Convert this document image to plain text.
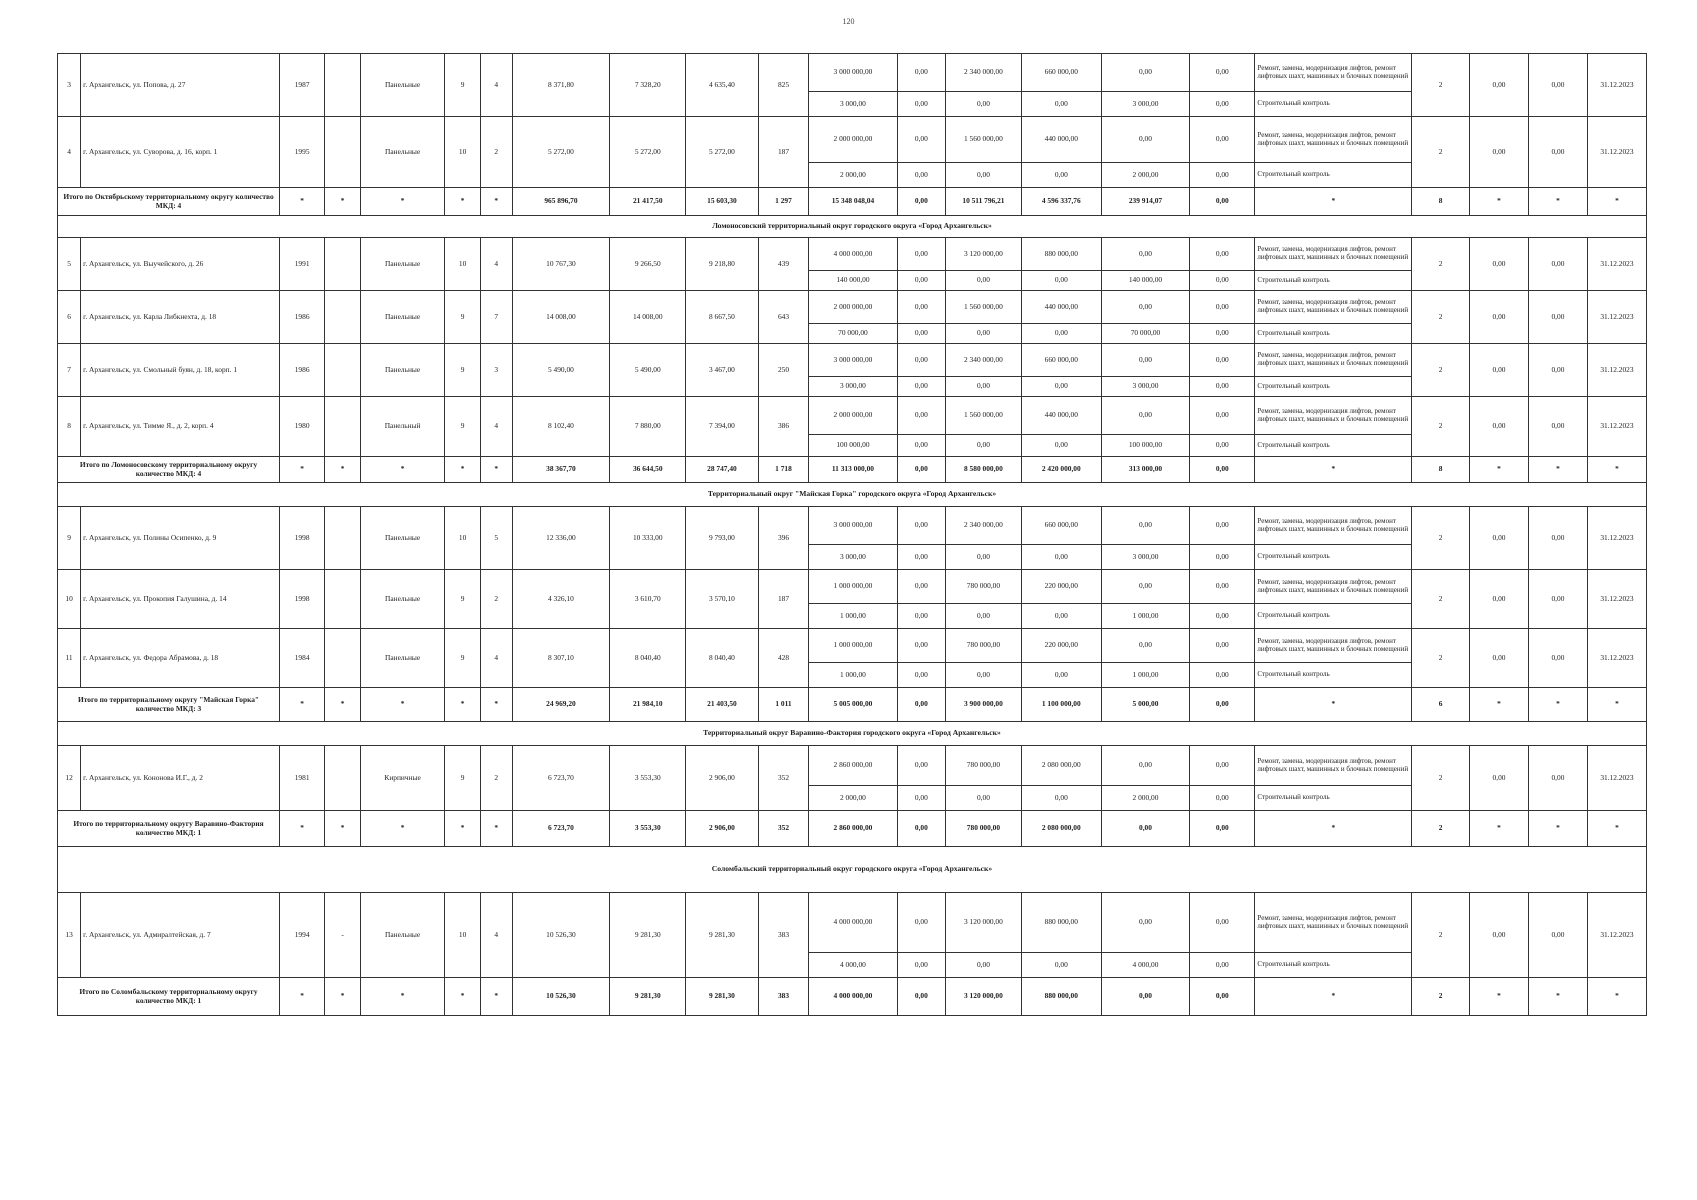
120
3	г. Архангельск, ул. Попова, д. 27	1987		Панельные	9	4	8 371,80	7 328,20	4 635,40	825	3 000 000,00	0,00	2 340 000,00	660 000,00	0,00	0,00	Ремонт, замена, модернизация лифтов, ремонт лифтовых шахт, машинных и блочных помещений	2	0,00	0,00	31.12.2023
											3 000,00	0,00	0,00	0,00	3 000,00	0,00	Строительный контроль				
4	г. Архангельск, ул. Суворова, д. 16, корп. 1	1995		Панельные	10	2	5 272,00	5 272,00	5 272,00	187	2 000 000,00	0,00	1 560 000,00	440 000,00	0,00	0,00	Ремонт, замена, модернизация лифтов, ремонт лифтовых шахт, машинных и блочных помещений	2	0,00	0,00	31.12.2023
											2 000,00	0,00	0,00	0,00	2 000,00	0,00	Строительный контроль				
Итого по Октябрьскому территориальному округу количество МКД: 4		*	*	*	*	*	965 896,70	21 417,50	15 603,30	1 297	15 348 048,04	0,00	10 511 796,21	4 596 337,76	239 914,07	0,00	*	8	*	*	*
Ломоносовский территориальный округ городского округа «Город Архангельск»																					
5	г. Архангельск, ул. Выучейского, д. 26	1991		Панельные	10	4	10 767,30	9 266,50	9 218,80	439	4 000 000,00	0,00	3 120 000,00	880 000,00	0,00	0,00	Ремонт, замена, модернизация лифтов, ремонт лифтовых шахт, машинных и блочных помещений	2	0,00	0,00	31.12.2023
											140 000,00	0,00	0,00	0,00	140 000,00	0,00	Строительный контроль				
6	г. Архангельск, ул. Карла Либкнехта, д. 18	1986		Панельные	9	7	14 008,00	14 008,00	8 667,50	643	2 000 000,00	0,00	1 560 000,00	440 000,00	0,00	0,00	Ремонт, замена, модернизация лифтов, ремонт лифтовых шахт, машинных и блочных помещений	2	0,00	0,00	31.12.2023
											70 000,00	0,00	0,00	0,00	70 000,00	0,00	Строительный контроль				
7	г. Архангельск, ул. Смольный буян, д. 18, корп. 1	1986		Панельные	9	3	5 490,00	5 490,00	3 467,00	250	3 000 000,00	0,00	2 340 000,00	660 000,00	0,00	0,00	Ремонт, замена, модернизация лифтов, ремонт лифтовых шахт, машинных и блочных помещений	2	0,00	0,00	31.12.2023
											3 000,00	0,00	0,00	0,00	3 000,00	0,00	Строительный контроль				
8	г. Архангельск, ул. Тимме Я., д. 2, корп. 4	1980		Панельный	9	4	8 102,40	7 880,00	7 394,00	386	2 000 000,00	0,00	1 560 000,00	440 000,00	0,00	0,00	Ремонт, замена, модернизация лифтов, ремонт лифтовых шахт, машинных и блочных помещений	2	0,00	0,00	31.12.2023
											100 000,00	0,00	0,00	0,00	100 000,00	0,00	Строительный контроль				
Итого по Ломоносовскому территориальному округу количество МКД: 4		*	*	*	*	*	38 367,70	36 644,50	28 747,40	1 718	11 313 000,00	0,00	8 580 000,00	2 420 000,00	313 000,00	0,00	*	8	*	*	*
Территориальный округ "Майская Горка" городского округа «Город Архангельск»																					
9	г. Архангельск, ул. Полины Осипенко, д. 9	1998		Панельные	10	5	12 336,00	10 333,00	9 793,00	396	3 000 000,00	0,00	2 340 000,00	660 000,00	0,00	0,00	Ремонт, замена, модернизация лифтов, ремонт лифтовых шахт, машинных и блочных помещений	2	0,00	0,00	31.12.2023
											3 000,00	0,00	0,00	0,00	3 000,00	0,00	Строительный контроль				
10	г. Архангельск, ул. Прокопия Галушина, д. 14	1998		Панельные	9	2	4 326,10	3 610,70	3 570,10	187	1 000 000,00	0,00	780 000,00	220 000,00	0,00	0,00	Ремонт, замена, модернизация лифтов, ремонт лифтовых шахт, машинных и блочных помещений	2	0,00	0,00	31.12.2023
											1 000,00	0,00	0,00	0,00	1 000,00	0,00	Строительный контроль				
11	г. Архангельск, ул. Федора Абрамова, д. 18	1984		Панельные	9	4	8 307,10	8 040,40	8 040,40	428	1 000 000,00	0,00	780 000,00	220 000,00	0,00	0,00	Ремонт, замена, модернизация лифтов, ремонт лифтовых шахт, машинных и блочных помещений	2	0,00	0,00	31.12.2023
											1 000,00	0,00	0,00	0,00	1 000,00	0,00	Строительный контроль				
Итого по территориальному округу "Майская Горка" количество МКД: 3		*	*	*	*	*	24 969,20	21 984,10	21 403,50	1 011	5 005 000,00	0,00	3 900 000,00	1 100 000,00	5 000,00	0,00	*	6	*	*	*
Территориальный округ Варавино-Фактория городского округа «Город Архангельск»																					
12	г. Архангельск, ул. Кононова И.Г., д. 2	1981		Кирпичные	9	2	6 723,70	3 553,30	2 906,00	352	2 860 000,00	0,00	780 000,00	2 080 000,00	0,00	0,00	Ремонт, замена, модернизация лифтов, ремонт лифтовых шахт, машинных и блочных помещений	2	0,00	0,00	31.12.2023
											2 000,00	0,00	0,00	0,00	2 000,00	0,00	Строительный контроль				
Итого по территориальному округу Варавино-Фактория количество МКД: 1		*	*	*	*	*	6 723,70	3 553,30	2 906,00	352	2 860 000,00	0,00	780 000,00	2 080 000,00	0,00	0,00	*	2	*	*	*
Соломбальский территориальный округ городского округа «Город Архангельск»																					
13	г. Архангельск, ул. Адмиралтейская, д. 7	1994	-	Панельные	10	4	10 526,30	9 281,30	9 281,30	383	4 000 000,00	0,00	3 120 000,00	880 000,00	0,00	0,00	Ремонт, замена, модернизация лифтов, ремонт лифтовых шахт, машинных и блочных помещений	2	0,00	0,00	31.12.2023
											4 000,00	0,00	0,00	0,00	4 000,00	0,00	Строительный контроль				
Итого по Соломбальскому территориальному округу количество МКД: 1		*	*	*	*	*	10 526,30	9 281,30	9 281,30	383	4 000 000,00	0,00	3 120 000,00	880 000,00	0,00	0,00	*	2	*	*	*
